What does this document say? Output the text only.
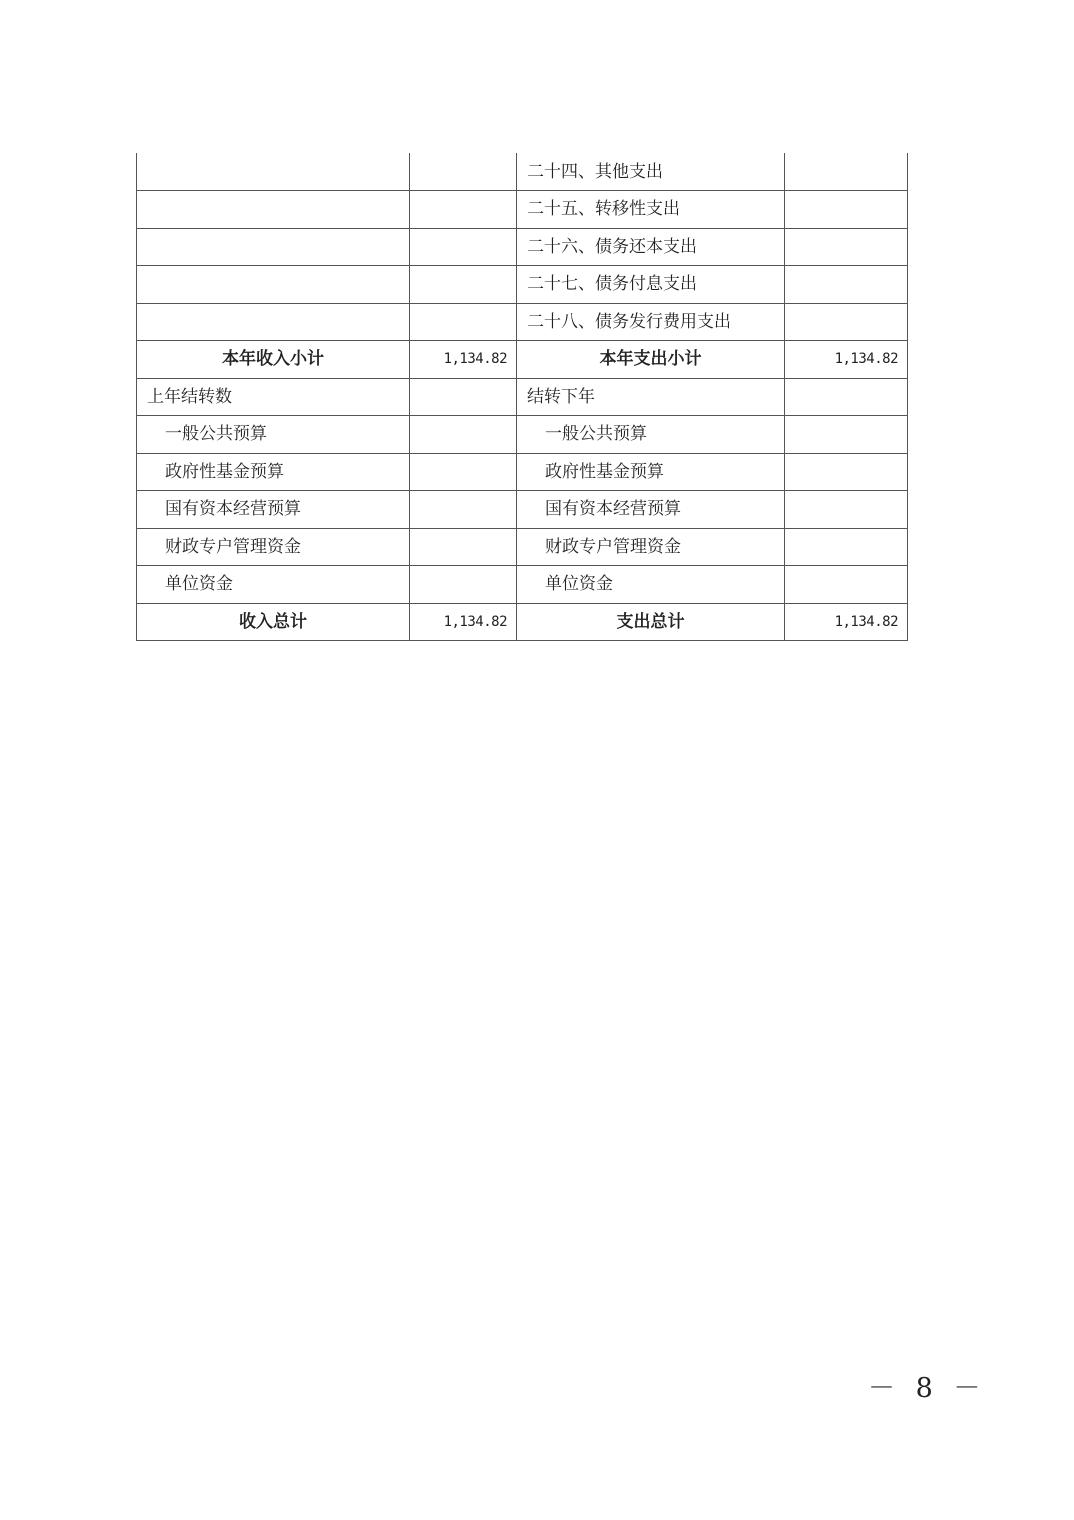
		二十四、其他支出	
		二十五、转移性支出	
		二十六、债务还本支出	
		二十七、债务付息支出	
		二十八、债务发行费用支出	
本年收入小计	1,134.82	本年支出小计	1,134.82
上年结转数		结转下年	
一般公共预算		一般公共预算	
政府性基金预算		政府性基金预算	
国有资本经营预算		国有资本经营预算	
财政专户管理资金		财政专户管理资金	
单位资金		单位资金	
收入总计	1,134.82	支出总计	1,134.82
－ 8 －
